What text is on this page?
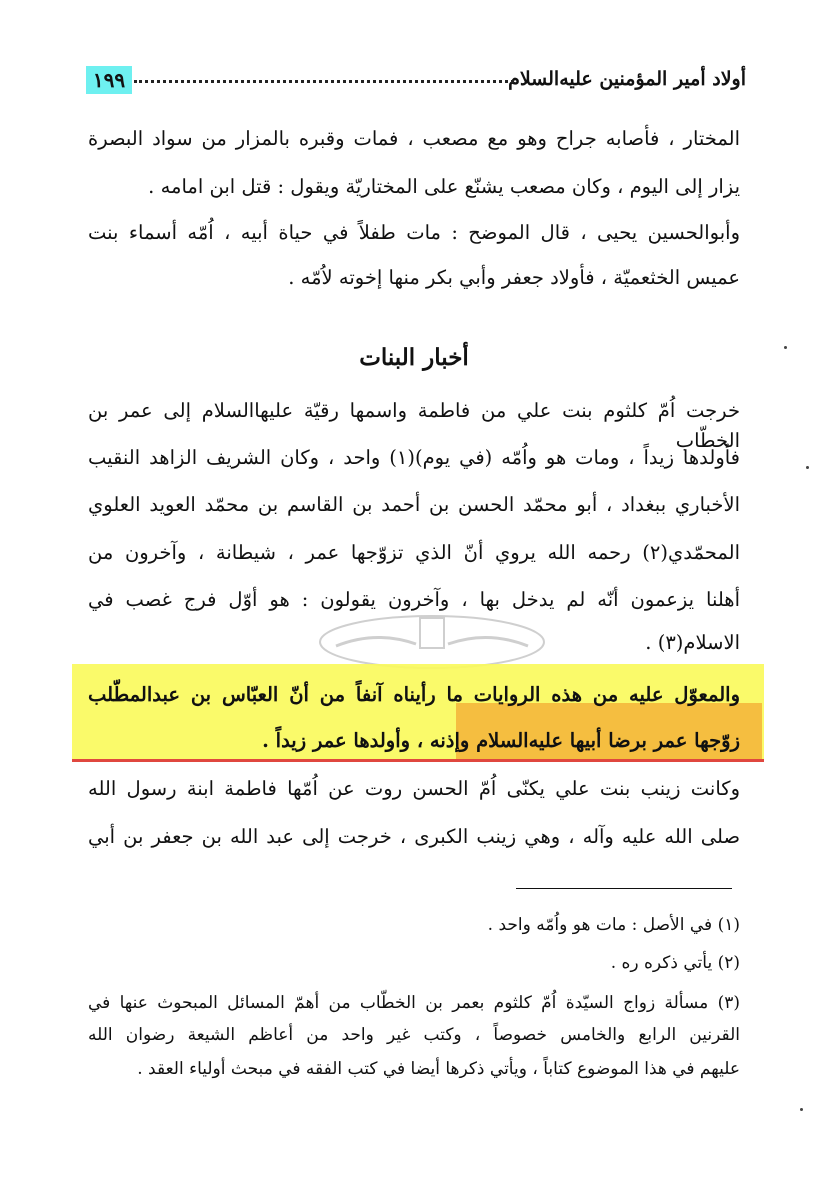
أولاد أمير المؤمنين عليه‌السلام
١٩٩
المختار ، فأصابه جراح وهو مع مصعب ، فمات وقبره بالمزار من سواد البصرة
يزار إلى اليوم ، وكان مصعب يشنّع على المختاريّة ويقول : قتل ابن امامه .
وأبوالحسين يحيى ، قال الموضح : مات طفلاً في حياة أبيه ، اُمّه أسماء بنت
عميس الخثعميّة ، فأولاد جعفر وأبي بكر منها إخوته لاُمّه .
أخبار البنات
خرجت اُمّ كلثوم بنت علي من فاطمة واسمها رقيّة عليها‌السلام إلى عمر بن الخطّاب
فأولدها زيداً ، ومات هو واُمّه (في يوم)(١) واحد ، وكان الشريف الزاهد النقيب
الأخباري ببغداد ، أبو محمّد الحسن بن أحمد بن القاسم بن محمّد العويد العلوي
المحمّدي(٢) رحمه الله يروي أنّ الذي تزوّجها عمر ، شيطانة ، وآخرون من
أهلنا يزعمون أنّه لم يدخل بها ، وآخرون يقولون : هو أوّل فرج غصب في
الاسلام(٣) .
والمعوّل عليه من هذه الروايات ما رأيناه آنفاً من أنّ العبّاس بن عبدالمطّلب
زوّجها عمر برضا أبيها عليه‌السلام وإذنه ، وأولدها عمر زيداً .
وكانت زينب بنت علي يكنّى اُمّ الحسن روت عن اُمّها فاطمة ابنة رسول الله
صلى الله عليه وآله ، وهي زينب الكبرى ، خرجت إلى عبد الله بن جعفر بن أبي
(١) في الأصل : مات هو واُمّه واحد .
(٢) يأتي ذكره ره .
(٣) مسألة زواج السيّدة اُمّ كلثوم بعمر بن الخطّاب من أهمّ المسائل المبحوث عنها في
القرنين الرابع والخامس خصوصاً ، وكتب غير واحد من أعاظم الشيعة رضوان الله
عليهم في هذا الموضوع كتاباً ، ويأتي ذكرها أيضا في كتب الفقه في مبحث أولياء العقد .
